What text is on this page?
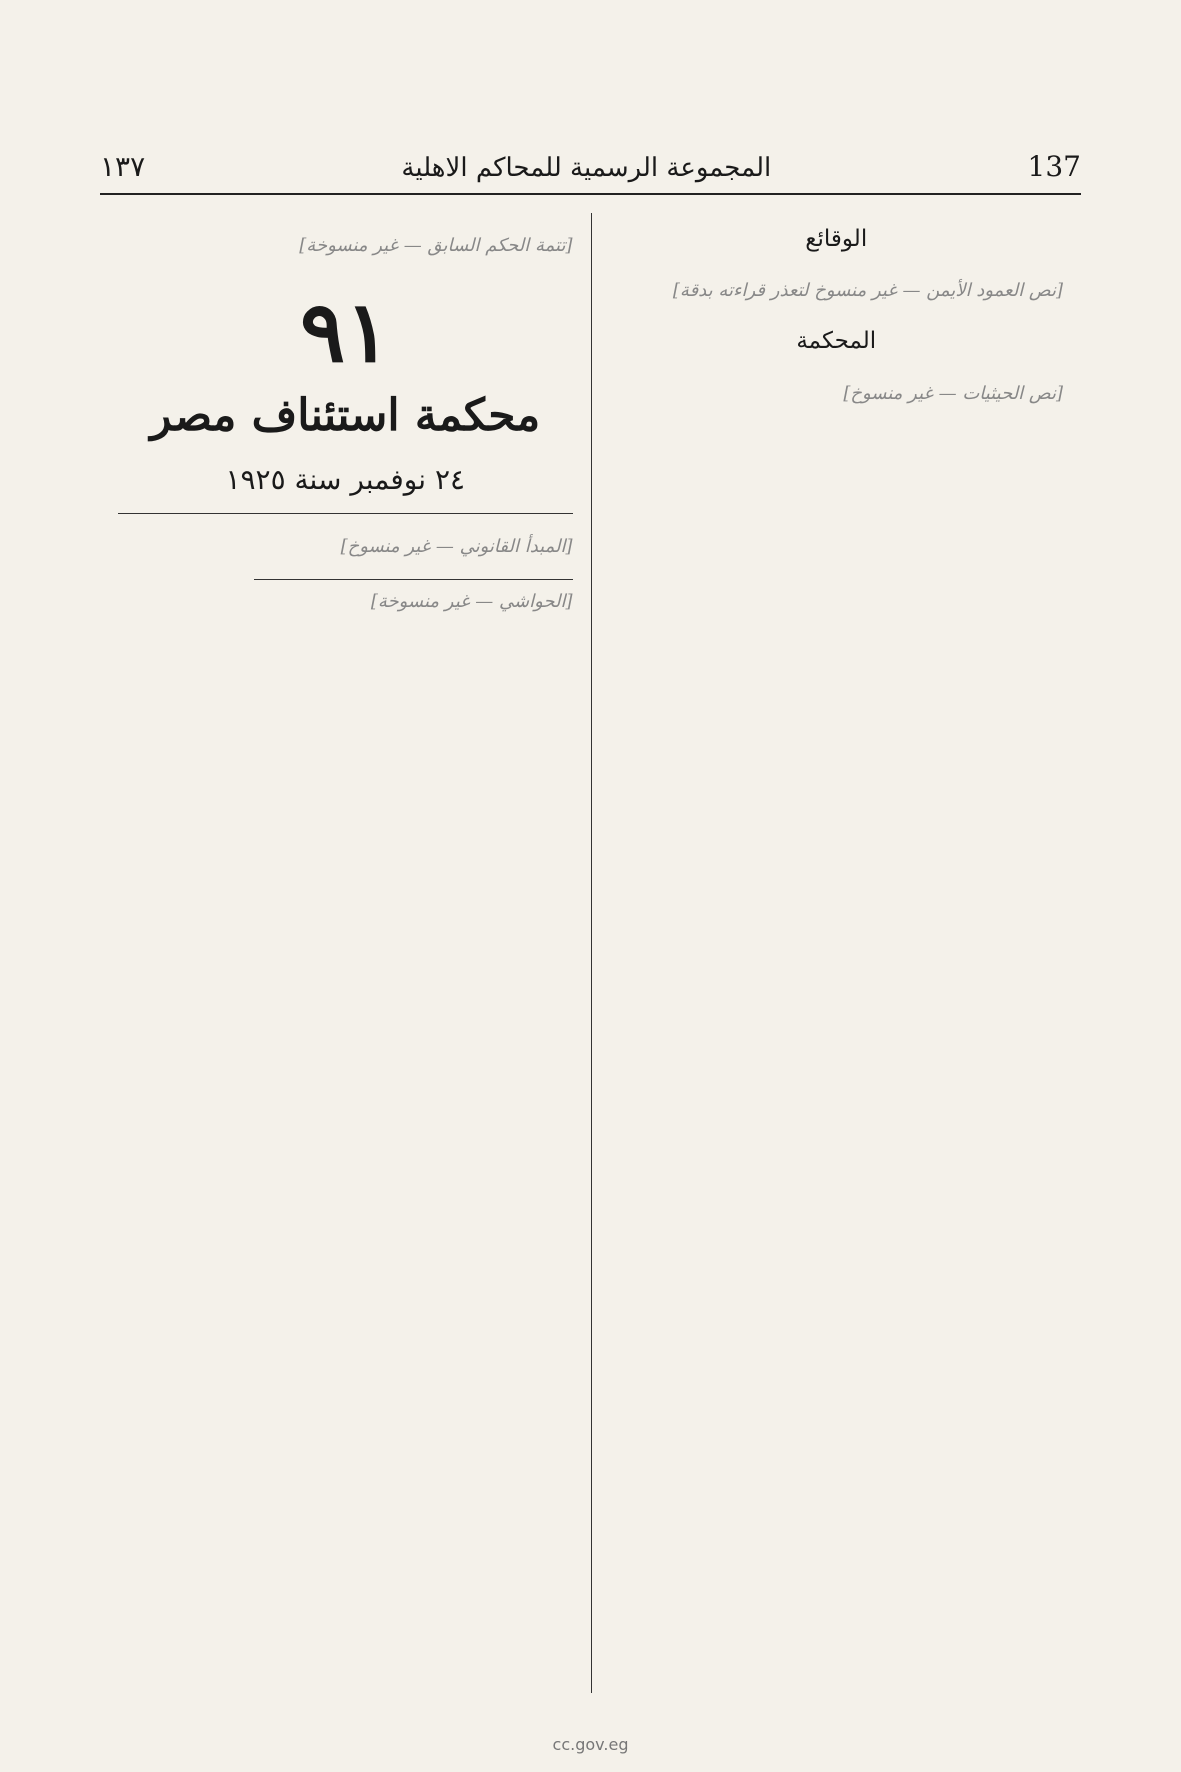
137
المجموعة الرسمية للمحاكم الاهلية
١٣٧
الوقائع

[نص العمود الأيمن — غير منسوخ لتعذر قراءته بدقة]

المحكمة

[نص الحيثيات — غير منسوخ]

[تتمة الحكم السابق — غير منسوخة]

٩١
محكمة استئناف مصر
٢٤ نوفمبر سنة ١٩٢٥

[المبدأ القانوني — غير منسوخ]

[الحواشي — غير منسوخة]
cc.gov.eg
